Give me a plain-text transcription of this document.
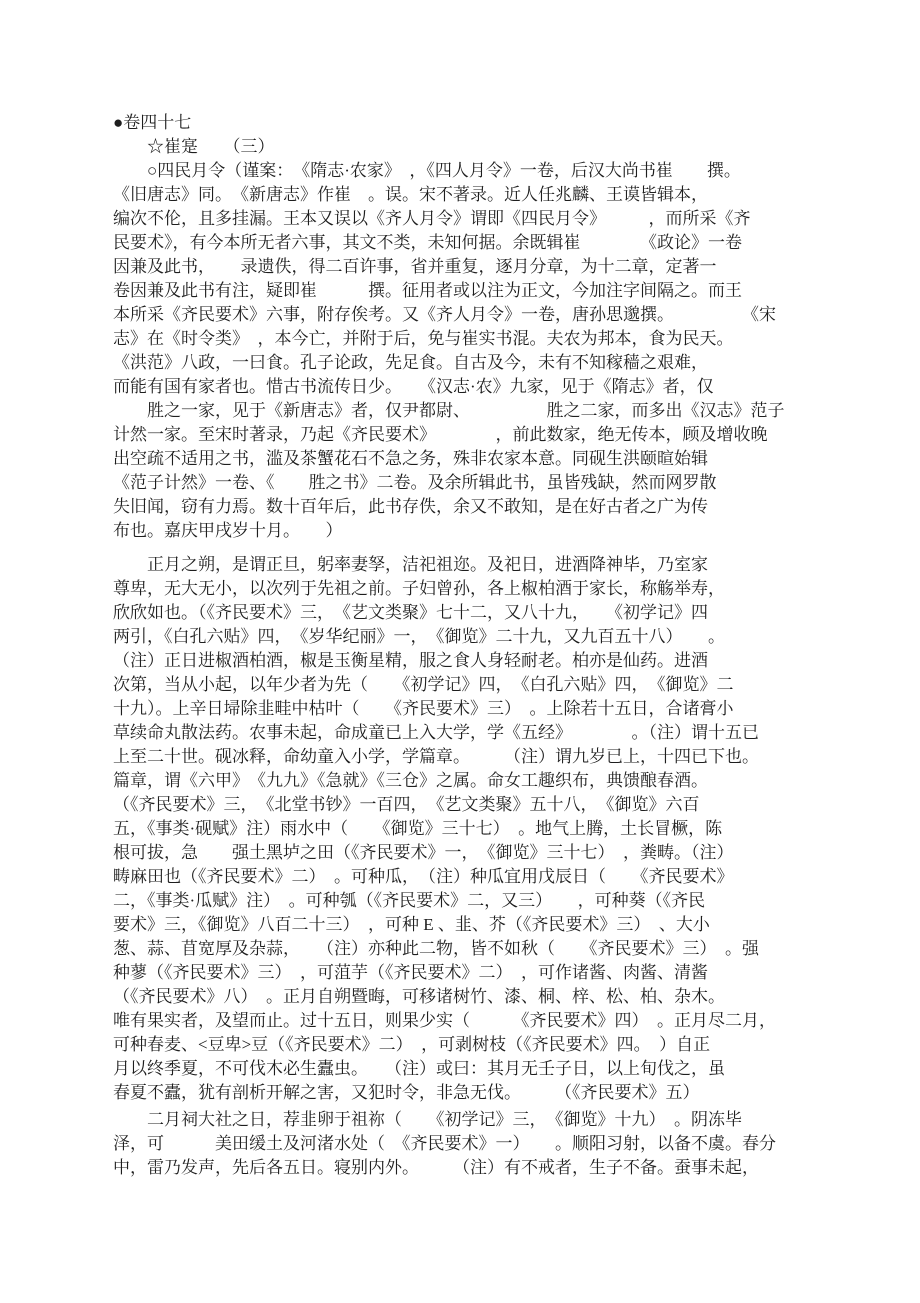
●卷四十七
　　☆崔寔　　（三）
　　○四民月令（谨案：　《隋志·农家》　，《四人月令》一卷，后汉大尚书崔　　撰。
《旧唐志》同。　《新唐志》作崔　。误。宋不著录。近人任兆麟、王谟皆辑本，
编次不伦，且多挂漏。王本又误以《齐人月令》谓即《四民月令》　　　，而所采《齐
民要术》，有今本所无者六事，其文不类，未知何据。余既辑崔　　　　《政论》一卷
因兼及此书，　　录遗佚，得二百许事，省并重复，逐月分章，为十二章，定著一
卷因兼及此书有注，疑即崔　　　撰。征用者或以注为正文，今加注字间隔之。而王
本所采《齐民要术》六事，附存俟考。又《齐人月令》一卷，唐孙思邈撰。　　　　　《宋
志》在《时令类》　，本今亡，并附于后，免与崔实书混。夫农为邦本，食为民天。
《洪范》八政，一曰食。孔子论政，先足食。自古及今，未有不知稼穑之艰难，
而能有国有家者也。惜古书流传日少。　　《汉志·农》九家，见于《隋志》者，仅
　　胜之一家，见于《新唐志》者，仅尹都尉、　　　　　胜之二家，而多出《汉志》范子
计然一家。至宋时著录，乃起《齐民要术》　　　　，前此数家，绝无传本，顾及增收晚
出空疏不适用之书，滥及茶蟹花石不急之务，殊非农家本意。同砚生洪颐暄始辑
《范子计然》一卷、《　　胜之书》二卷。及余所辑此书，虽皆残缺，然而网罗散
失旧闻，窃有力焉。数十百年后，此书存佚，余又不敢知，是在好古者之广为传
布也。嘉庆甲戌岁十月。　　）
　　正月之朔，是谓正旦，躬率妻孥，洁祀祖迩。及祀日，进酒降神毕，乃室家
尊卑，无大无小，以次列于先祖之前。子妇曾孙，各上椒柏酒于家长，称觞举寿，
欣欣如也。（《齐民要术》三，　《艺文类聚》七十二，又八十九，　　《初学记》四
两引，《白孔六贴》四，　《岁华纪丽》一，　《御览》二十九，又九百五十八）　　。
（注）正日进椒酒柏酒，椒是玉衡星精，服之食人身轻耐老。柏亦是仙药。进酒
次第，当从小起，以年少者为先（　　《初学记》四，　《白孔六贴》四，　《御览》二
十九）。上辛日埽除韭畦中枯叶（　　《齐民要术》三）　。上除若十五日，合诸膏小
草续命丸散法药。农事未起，命成童已上入大学，学《五经》　　　　。（注）谓十五已
上至二十世。砚冰释，命幼童入小学，学篇章。　　　（注）谓九岁已上，十四已下也。
篇章，谓《六甲》　《九九》《急就》《三仓》之属。命女工趣织布，典馈酿春酒。
（《齐民要术》三，　《北堂书钞》一百四，　《艺文类聚》五十八，　《御览》六百
五，《事类·砚赋》注）雨水中（　　《御览》三十七）　。地气上腾，土长冒橛，陈
根可拔，急　　强土黑垆之田（《齐民要术》一，　《御览》三十七）　，粪畴。（注）
畴麻田也（《齐民要术》二）　。可种瓜，　（注）种瓜宜用戊辰日（　　《齐民要术》
二，《事类·瓜赋》注）　。可种瓠（《齐民要术》二，又三）　　，可种葵（《齐民
要术》三，《御览》八百二十三）　，可种 E 、韭、芥（《齐民要术》三）　、大小
葱、蒜、苜宽厚及杂蒜，　　（注）亦种此二物，皆不如秋（　　《齐民要术》三）　。强
种蓼（《齐民要术》三）　，可菹芋（《齐民要术》二）　，可作诸酱、肉酱、清酱
（《齐民要术》八）　。正月自朔暨晦，可移诸树竹、漆、桐、梓、松、柏、杂木。
唯有果实者，及望而止。过十五日，则果少实（　　　《齐民要术》四）　。正月尽二月，
可种春麦、<豆卑>豆（《齐民要术》二）　，可剥树枝（《齐民要术》四。　）自正
月以终季夏，不可伐木必生蠹虫。　　（注）或曰：其月无壬子日，以上旬伐之，虽
春夏不蠹，犹有剖析开解之害，又犯时令，非急无伐。　　　（《齐民要术》五）
　　二月祠大社之日，荐韭卵于祖祢（　　《初学记》三，　《御览》十九）　。阴冻毕
泽，可　　　美田缓土及河渚水处（　《齐民要术》一）　　。顺阳习射，以备不虞。春分
中，雷乃发声，先后各五日。寝别内外。　　　（注）有不戒者，生子不备。蚕事未起，
